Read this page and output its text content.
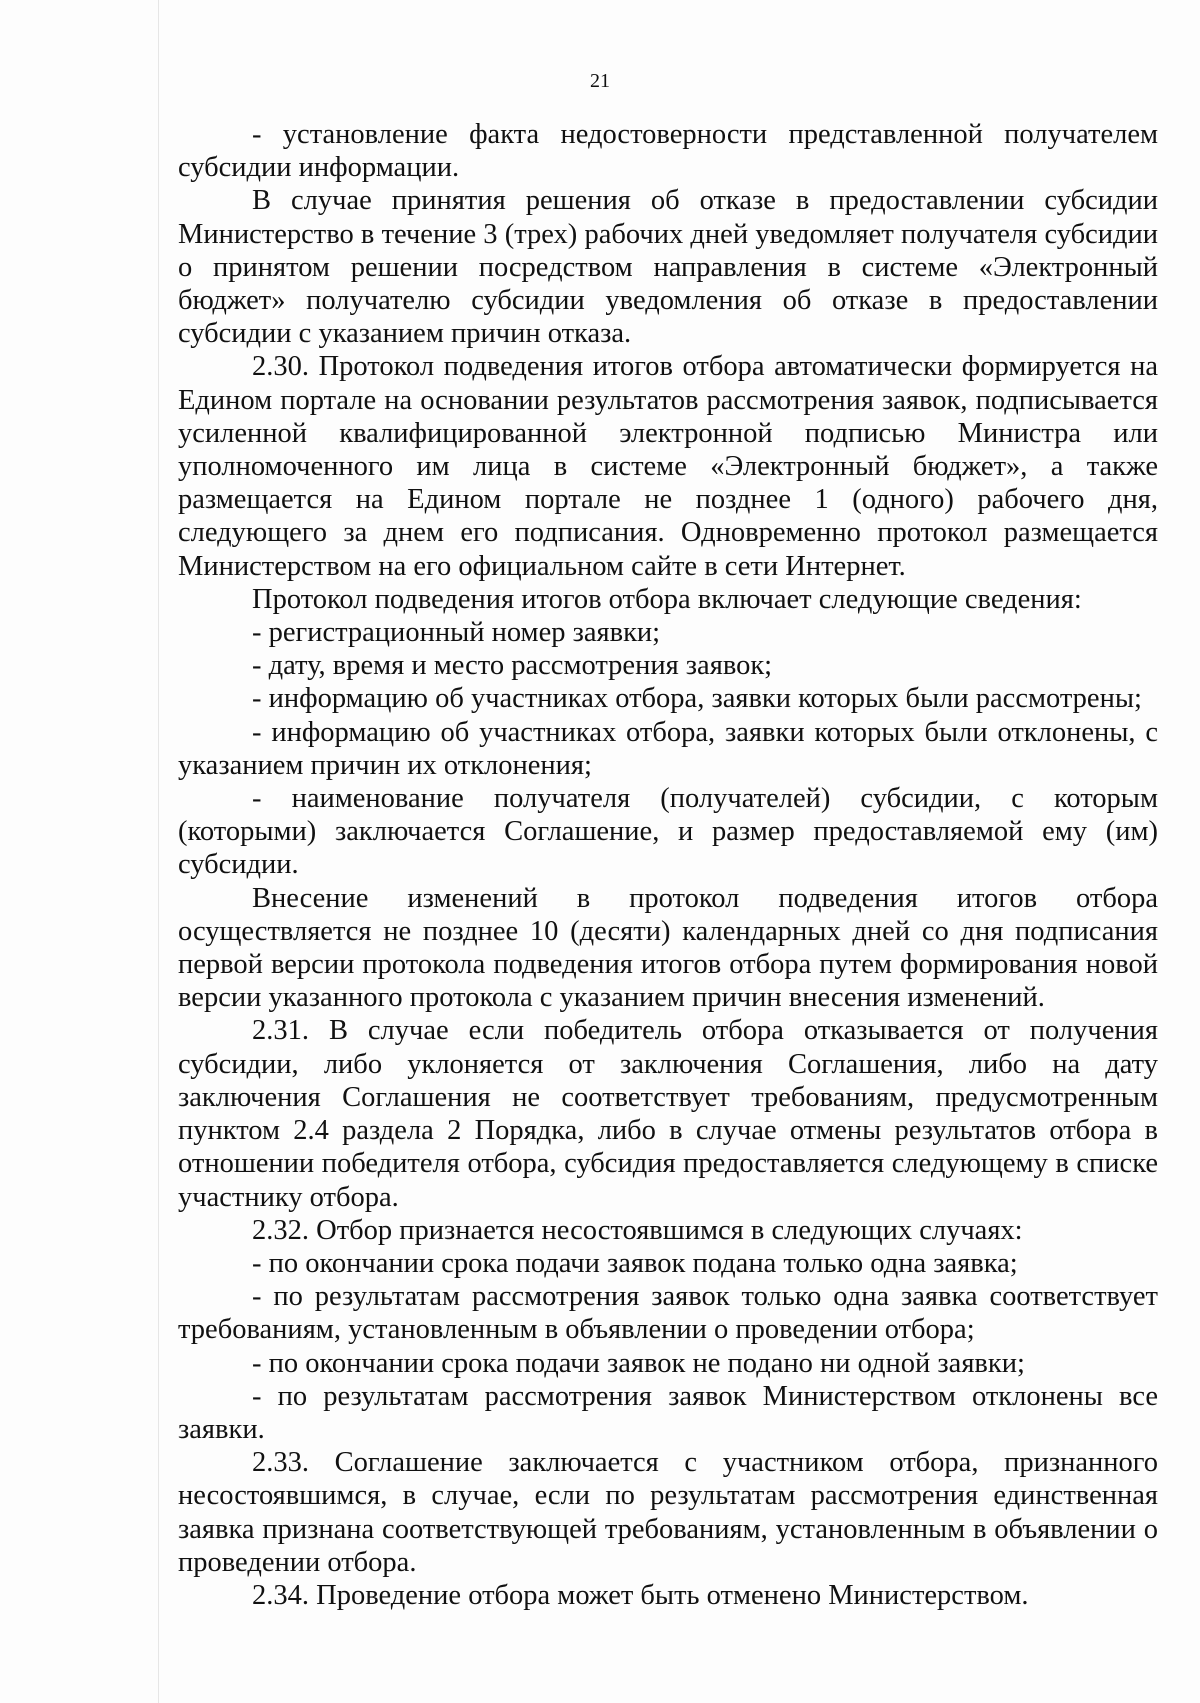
21

- установление факта недостоверности представленной получателем субсидии информации.

В случае принятия решения об отказе в предоставлении субсидии Министерство в течение 3 (трех) рабочих дней уведомляет получателя субсидии о принятом решении посредством направления в системе «Электронный бюджет» получателю субсидии уведомления об отказе в предоставлении субсидии с указанием причин отказа.

2.30. Протокол подведения итогов отбора автоматически формируется на Едином портале на основании результатов рассмотрения заявок, подписывается усиленной квалифицированной электронной подписью Министра или уполномоченного им лица в системе «Электронный бюджет», а также размещается на Едином портале не позднее 1 (одного) рабочего дня, следующего за днем его подписания. Одновременно протокол размещается Министерством на его официальном сайте в сети Интернет.

Протокол подведения итогов отбора включает следующие сведения:

- регистрационный номер заявки;

- дату, время и место рассмотрения заявок;

- информацию об участниках отбора, заявки которых были рассмотрены;

- информацию об участниках отбора, заявки которых были отклонены, с указанием причин их отклонения;

- наименование получателя (получателей) субсидии, с которым (которыми) заключается Соглашение, и размер предоставляемой ему (им) субсидии.

Внесение изменений в протокол подведения итогов отбора осуществляется не позднее 10 (десяти) календарных дней со дня подписания первой версии протокола подведения итогов отбора путем формирования новой версии указанного протокола с указанием причин внесения изменений.

2.31. В случае если победитель отбора отказывается от получения субсидии, либо уклоняется от заключения Соглашения, либо на дату заключения Соглашения не соответствует требованиям, предусмотренным пунктом 2.4 раздела 2 Порядка, либо в случае отмены результатов отбора в отношении победителя отбора, субсидия предоставляется следующему в списке участнику отбора.

2.32. Отбор признается несостоявшимся в следующих случаях:

- по окончании срока подачи заявок подана только одна заявка;

- по результатам рассмотрения заявок только одна заявка соответствует требованиям, установленным в объявлении о проведении отбора;

- по окончании срока подачи заявок не подано ни одной заявки;

- по результатам рассмотрения заявок Министерством отклонены все заявки.

2.33. Соглашение заключается с участником отбора, признанного несостоявшимся, в случае, если по результатам рассмотрения единственная заявка признана соответствующей требованиям, установленным в объявлении о проведении отбора.

2.34. Проведение отбора может быть отменено Министерством.
